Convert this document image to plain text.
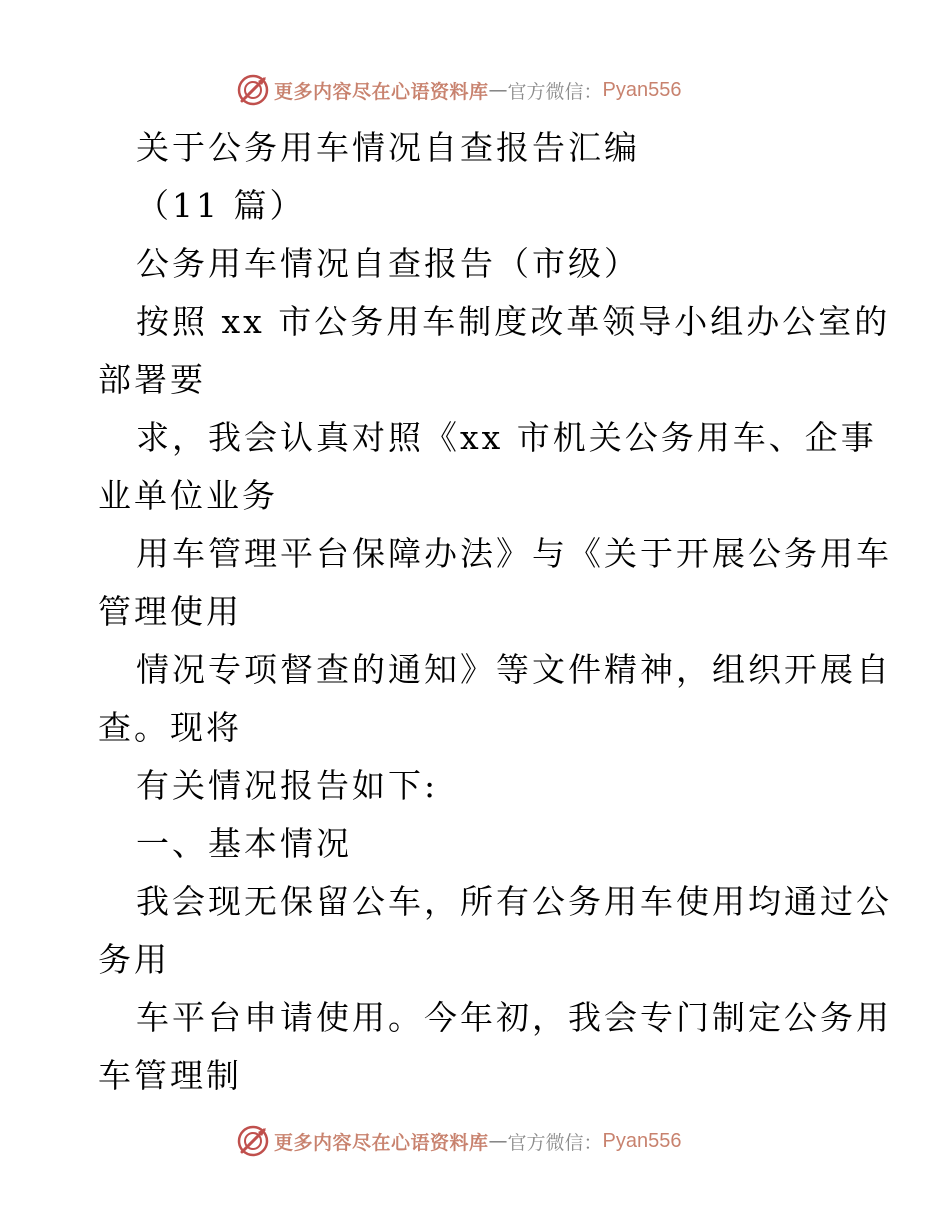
更多内容尽在心语资料库 — 官方微信： Pyan556
关于公务用车情况自查报告汇编
（11 篇）
公务用车情况自查报告（市级）
按照 xx 市公务用车制度改革领导小组办公室的
部署要
求，我会认真对照《xx 市机关公务用车、企事
业单位业务
用车管理平台保障办法》与《关于开展公务用车
管理使用
情况专项督查的通知》等文件精神，组织开展自
查。现将
有关情况报告如下:
一、基本情况
我会现无保留公车，所有公务用车使用均通过公
务用
车平台申请使用。今年初，我会专门制定公务用
车管理制
更多内容尽在心语资料库 — 官方微信： Pyan556
